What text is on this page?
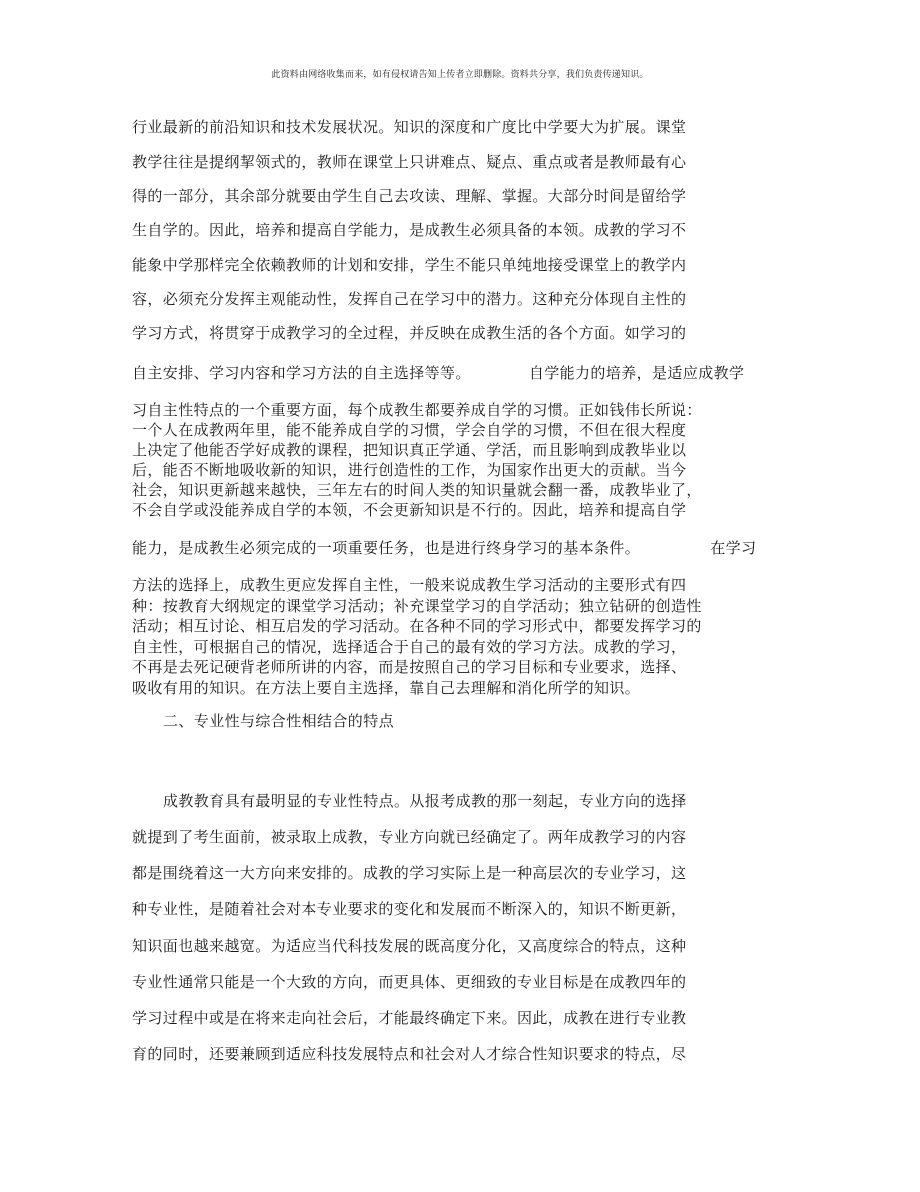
此资料由网络收集而来，如有侵权请告知上传者立即删除。资料共分享，我们负责传递知识。
行业最新的前沿知识和技术发展状况。知识的深度和广度比中学要大为扩展。课堂
教学往往是提纲挈领式的，教师在课堂上只讲难点、疑点、重点或者是教师最有心
得的一部分，其余部分就要由学生自己去攻读、理解、掌握。大部分时间是留给学
生自学的。因此，培养和提高自学能力，是成教生必须具备的本领。成教的学习不
能象中学那样完全依赖教师的计划和安排，学生不能只单纯地接受课堂上的教学内
容，必须充分发挥主观能动性，发挥自己在学习中的潜力。这种充分体现自主性的
学习方式，将贯穿于成教学习的全过程，并反映在成教生活的各个方面。如学习的
自主安排、学习内容和学习方法的自主选择等等。	自学能力的培养，是适应成教学
习自主性特点的一个重要方面，每个成教生都要养成自学的习惯。正如钱伟长所说：
一个人在成教两年里，能不能养成自学的习惯，学会自学的习惯，不但在很大程度
上决定了他能否学好成教的课程，把知识真正学通、学活，而且影响到成教毕业以
后，能否不断地吸收新的知识，进行创造性的工作，为国家作出更大的贡献。当今
社会，知识更新越来越快，三年左右的时间人类的知识量就会翻一番，成教毕业了，
不会自学或没能养成自学的本领，不会更新知识是不行的。因此，培养和提高自学
能力，是成教生必须完成的一项重要任务，也是进行终身学习的基本条件。	在学习
方法的选择上，成教生更应发挥自主性，一般来说成教生学习活动的主要形式有四
种：按教育大纲规定的课堂学习活动；补充课堂学习的自学活动；独立钻研的创造性
活动；相互讨论、相互启发的学习活动。在各种不同的学习形式中，都要发挥学习的
自主性，可根据自己的情况，选择适合于自己的最有效的学习方法。成教的学习，
不再是去死记硬背老师所讲的内容，而是按照自己的学习目标和专业要求，选择、
吸收有用的知识。在方法上要自主选择，靠自己去理解和消化所学的知识。
二、专业性与综合性相结合的特点
成教教育具有最明显的专业性特点。从报考成教的那一刻起，专业方向的选择
就提到了考生面前，被录取上成教，专业方向就已经确定了。两年成教学习的内容
都是围绕着这一大方向来安排的。成教的学习实际上是一种高层次的专业学习，这
种专业性，是随着社会对本专业要求的变化和发展而不断深入的，知识不断更新，
知识面也越来越宽。为适应当代科技发展的既高度分化，又高度综合的特点，这种
专业性通常只能是一个大致的方向，而更具体、更细致的专业目标是在成教四年的
学习过程中或是在将来走向社会后，才能最终确定下来。因此，成教在进行专业教
育的同时，还要兼顾到适应科技发展特点和社会对人才综合性知识要求的特点，尽
